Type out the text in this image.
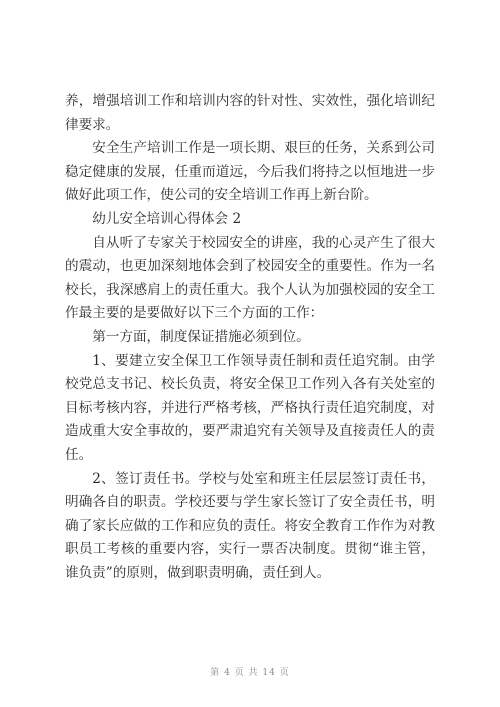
养，增强培训工作和培训内容的针对性、实效性，强化培训纪律要求。

安全生产培训工作是一项长期、艰巨的任务，关系到公司稳定健康的发展，任重而道远，今后我们将持之以恒地进一步做好此项工作，使公司的安全培训工作再上新台阶。

幼儿安全培训心得体会 2

自从听了专家关于校园安全的讲座，我的心灵产生了很大的震动，也更加深刻地体会到了校园安全的重要性。作为一名校长，我深感肩上的责任重大。我个人认为加强校园的安全工作最主要的是要做好以下三个方面的工作：

第一方面，制度保证措施必须到位。

1、要建立安全保卫工作领导责任制和责任追究制。由学校党总支书记、校长负责，将安全保卫工作列入各有关处室的目标考核内容，并进行严格考核，严格执行责任追究制度，对造成重大安全事故的，要严肃追究有关领导及直接责任人的责任。

2、签订责任书。学校与处室和班主任层层签订责任书，明确各自的职责。学校还要与学生家长签订了安全责任书，明确了家长应做的工作和应负的责任。将安全教育工作作为对教职员工考核的重要内容，实行一票否决制度。贯彻“谁主管，谁负责”的原则，做到职责明确，责任到人。

第 4 页 共 14 页
